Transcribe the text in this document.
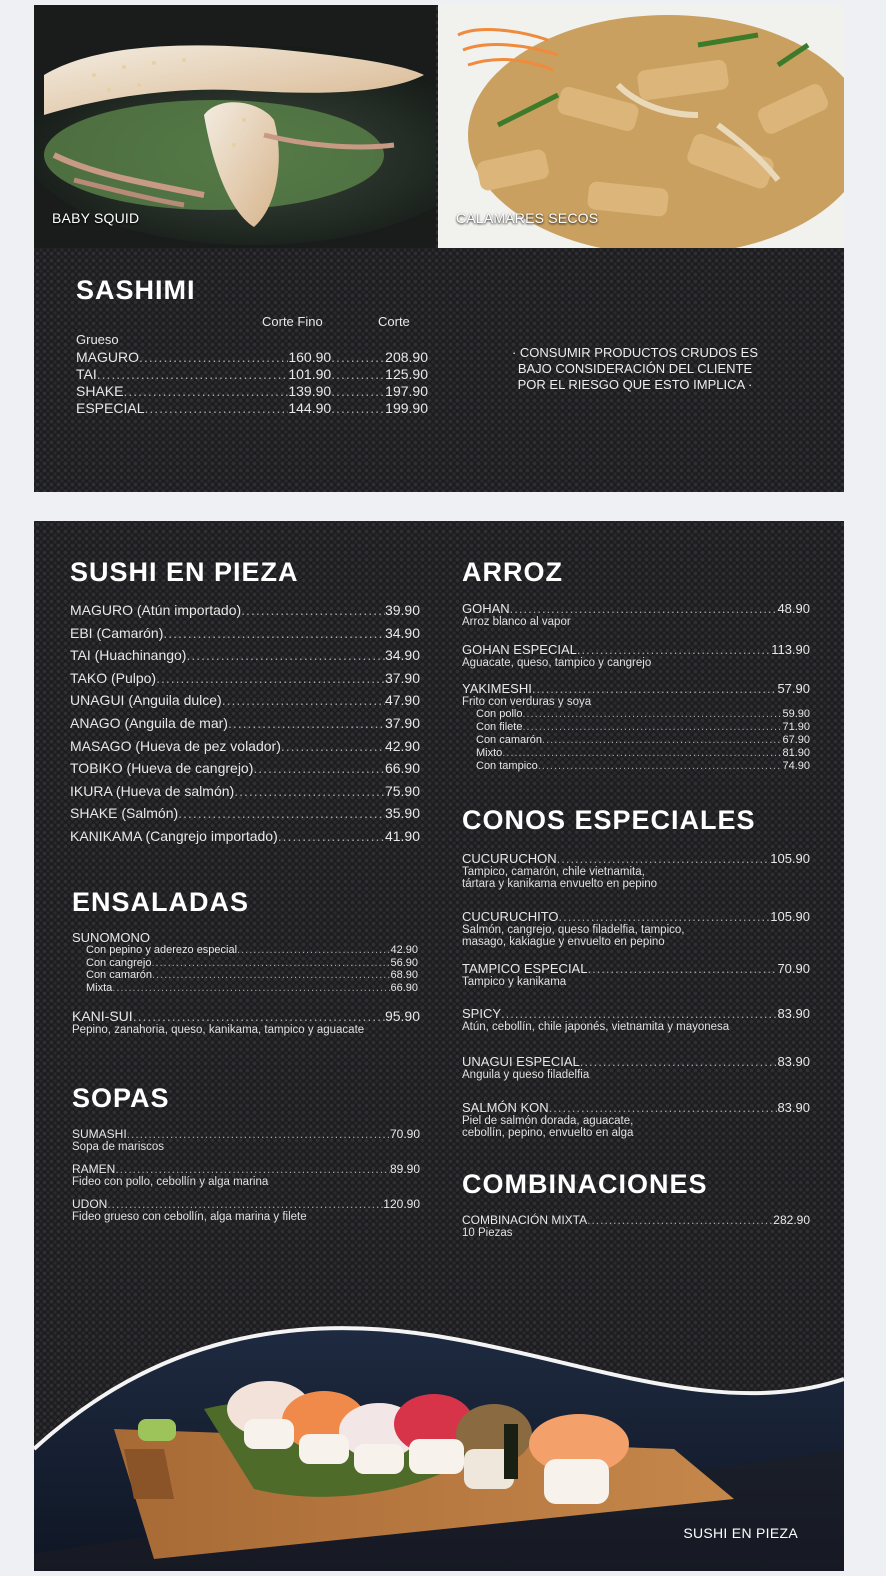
BABY SQUID	CALAMARES SECOS
SASHIMI
Corte Fino	Corte
Grueso
MAGURO .....	160.90 .....	208.90
TAI .....	101.90 .....	125.90
SHAKE .....	139.90 .....	197.90
ESPECIAL .....	144.90 .....	199.90
· CONSUMIR PRODUCTOS CRUDOS ES BAJO CONSIDERACIÓN DEL CLIENTE POR EL RIESGO QUE ESTO IMPLICA ·
SUSHI EN PIEZA
MAGURO (Atún importado) .....	39.90
EBI (Camarón) .....	34.90
TAI (Huachinango) .....	34.90
TAKO (Pulpo) .....	37.90
UNAGUI (Anguila dulce) .....	47.90
ANAGO (Anguila de mar) .....	37.90
MASAGO (Hueva de pez volador) .....	42.90
TOBIKO (Hueva de cangrejo) .....	66.90
IKURA (Hueva de salmón) .....	75.90
SHAKE (Salmón) .....	35.90
KANIKAMA (Cangrejo importado) .....	41.90
ENSALADAS
SUNOMONO
Con pepino y aderezo especial .....	42.90
Con cangrejo .....	56.90
Con camarón .....	68.90
Mixta .....	66.90
KANI-SUI .....	95.90
Pepino, zanahoria, queso, kanikama, tampico y aguacate
SOPAS
SUMASHI .....	70.90
Sopa de mariscos
RAMEN .....	89.90
Fideo con pollo, cebollín y alga marina
UDON .....	120.90
Fideo grueso con cebollín, alga marina y filete
ARROZ
GOHAN .....	48.90
Arroz blanco al vapor
GOHAN ESPECIAL .....	113.90
Aguacate, queso, tampico y cangrejo
YAKIMESHI .....	57.90
Frito con verduras y soya
Con pollo .....	59.90
Con filete .....	71.90
Con camarón .....	67.90
Mixto .....	81.90
Con tampico .....	74.90
CONOS ESPECIALES
CUCURUCHON .....	105.90
Tampico, camarón, chile vietnamita,
tártara y kanikama envuelto en pepino
CUCURUCHITO .....	105.90
Salmón, cangrejo, queso filadelfia, tampico,
masago, kakiague y envuelto en pepino
TAMPICO ESPECIAL .....	70.90
Tampico y kanikama
SPICY .....	83.90
Atún, cebollín, chile japonés, vietnamita y mayonesa
UNAGUI ESPECIAL .....	83.90
Anguila y queso filadelfia
SALMÓN KON .....	83.90
Piel de salmón dorada, aguacate,
cebollín, pepino, envuelto en alga
COMBINACIONES
COMBINACIÓN MIXTA .....	282.90
10 Piezas
SUSHI EN PIEZA
